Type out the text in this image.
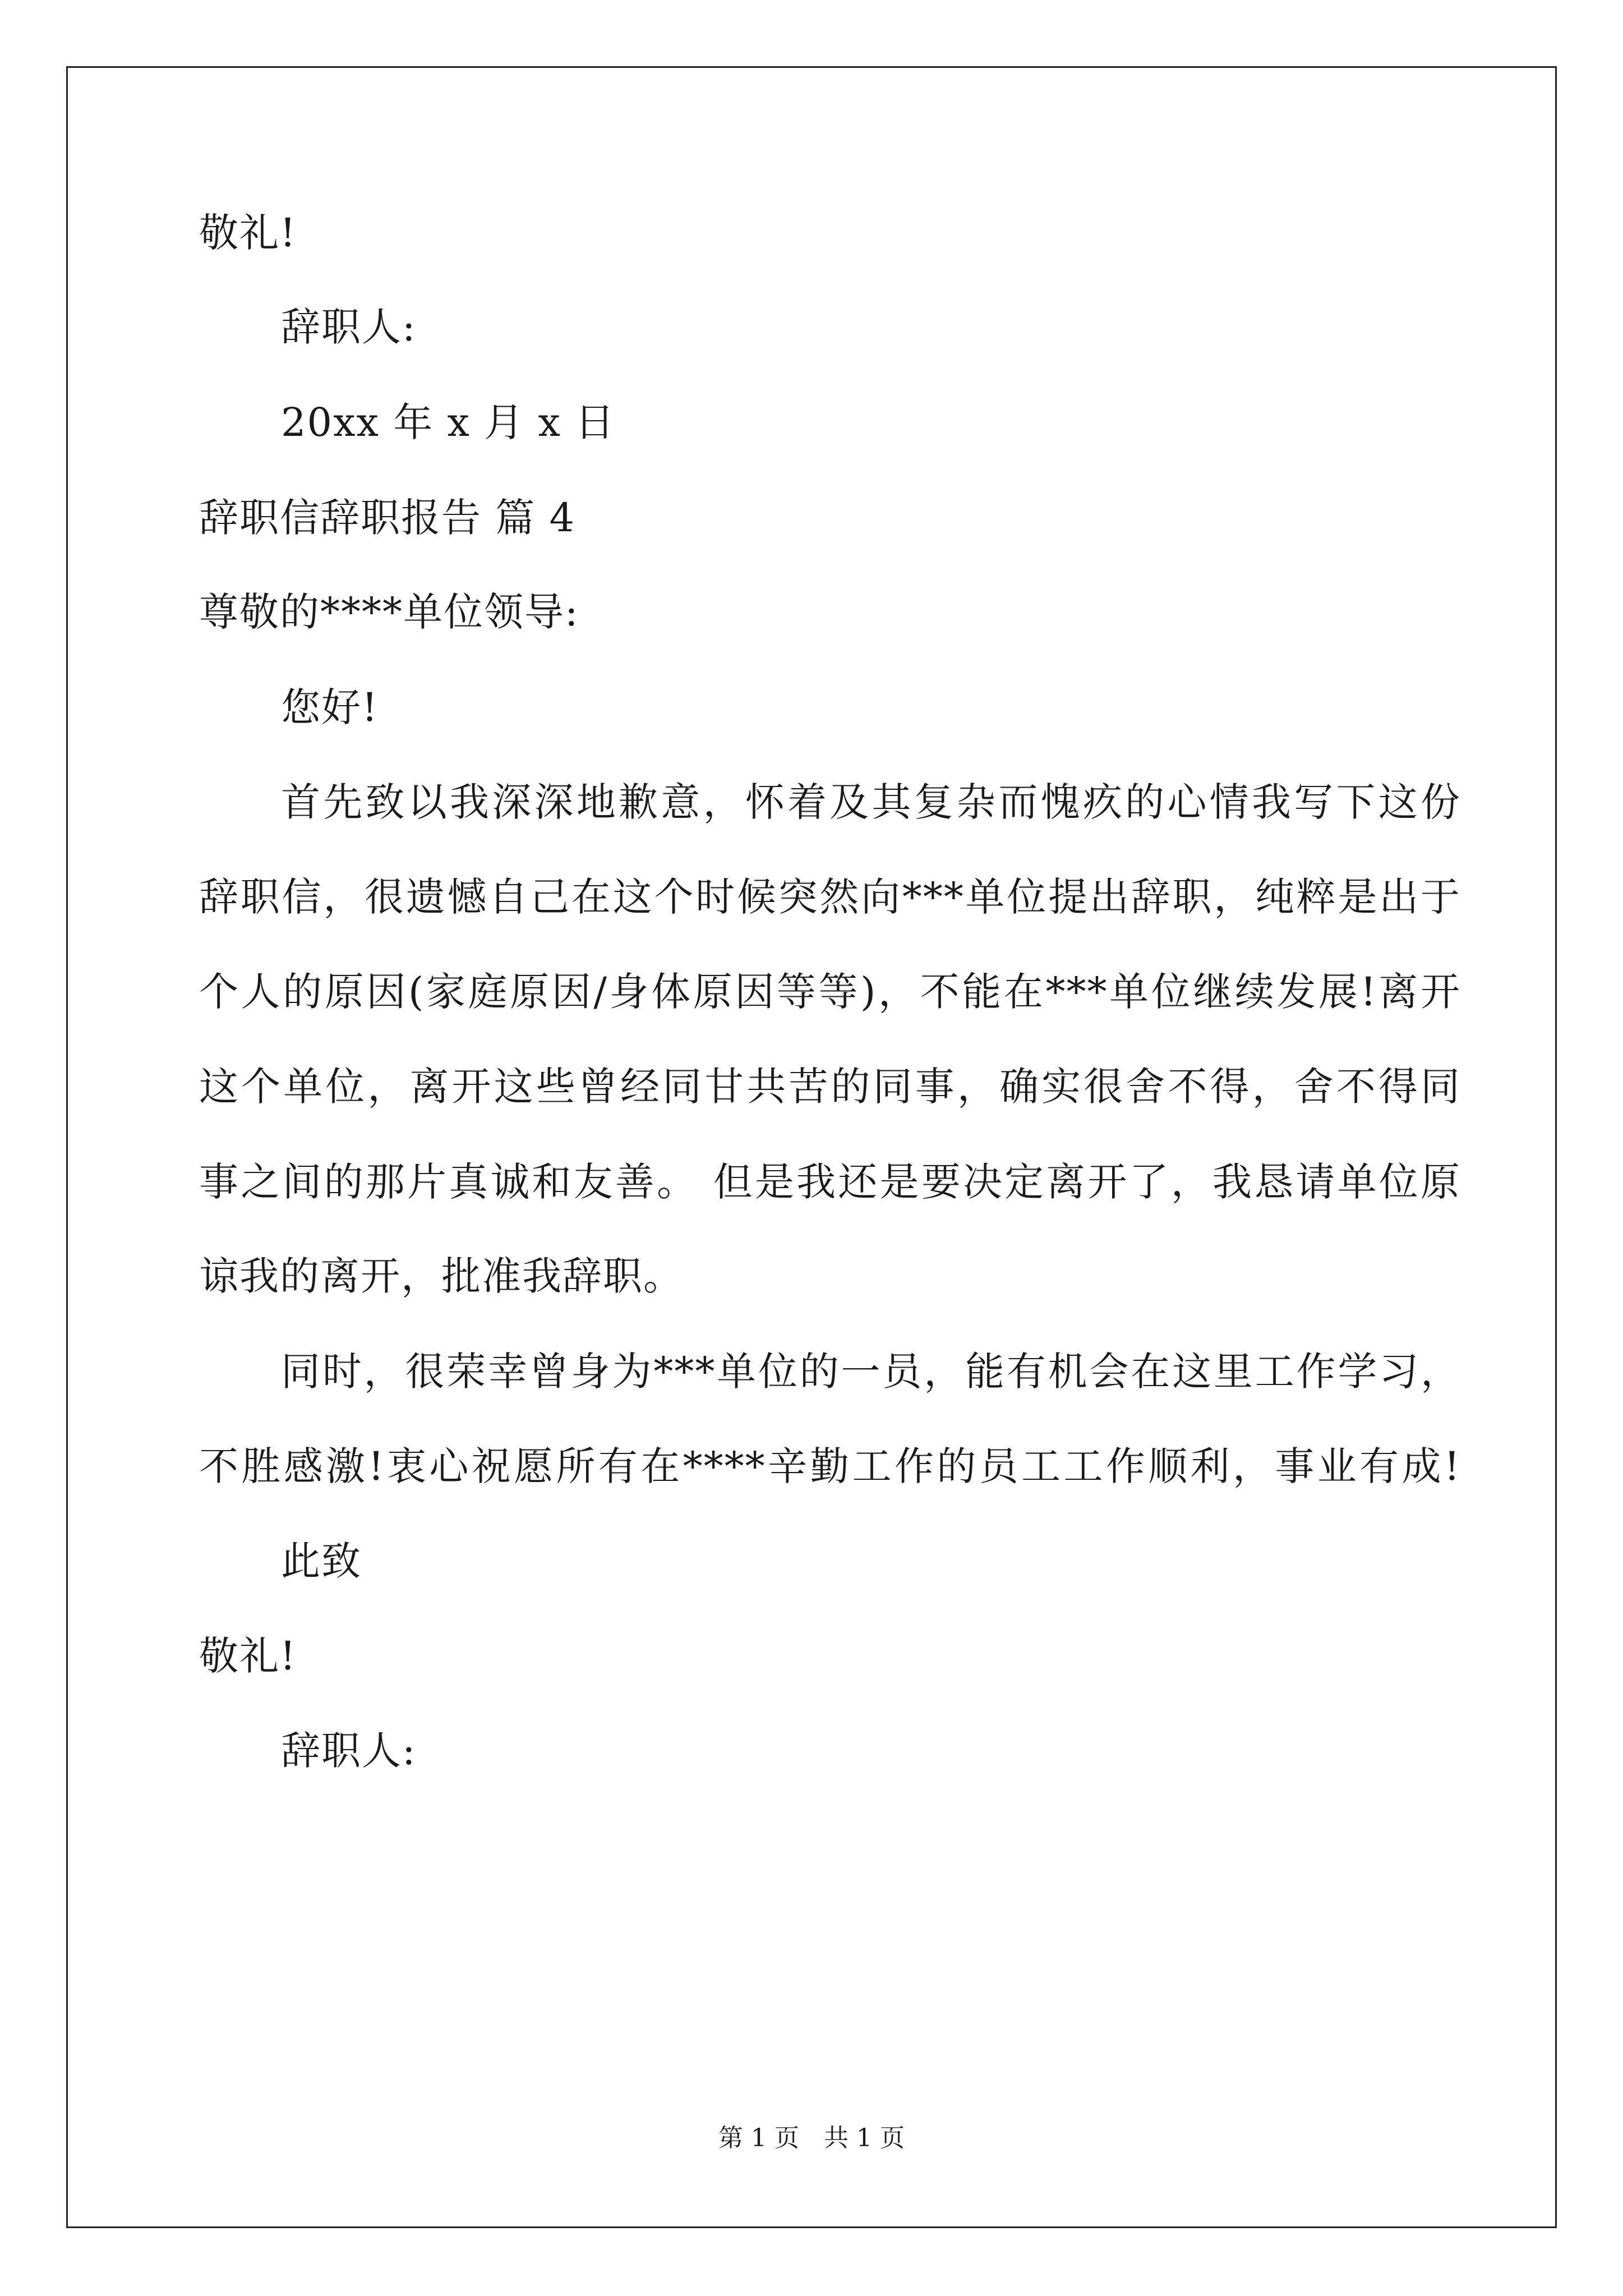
敬礼!
辞职人:
20xx 年 x 月 x 日
辞职信辞职报告 篇 4
尊敬的****单位领导:
您好!
首先致以我深深地歉意，怀着及其复杂而愧疚的心情我写下这份
辞职信，很遗憾自己在这个时候突然向***单位提出辞职，纯粹是出于
个人的原因(家庭原因/身体原因等等)，不能在***单位继续发展!离开
这个单位，离开这些曾经同甘共苦的同事，确实很舍不得，舍不得同
事之间的那片真诚和友善。 但是我还是要决定离开了，我恳请单位原
谅我的离开，批准我辞职。
同时，很荣幸曾身为***单位的一员，能有机会在这里工作学习，
不胜感激!衷心祝愿所有在****辛勤工作的员工工作顺利，事业有成!
此致
敬礼!
辞职人:
第 1 页　共 1 页
